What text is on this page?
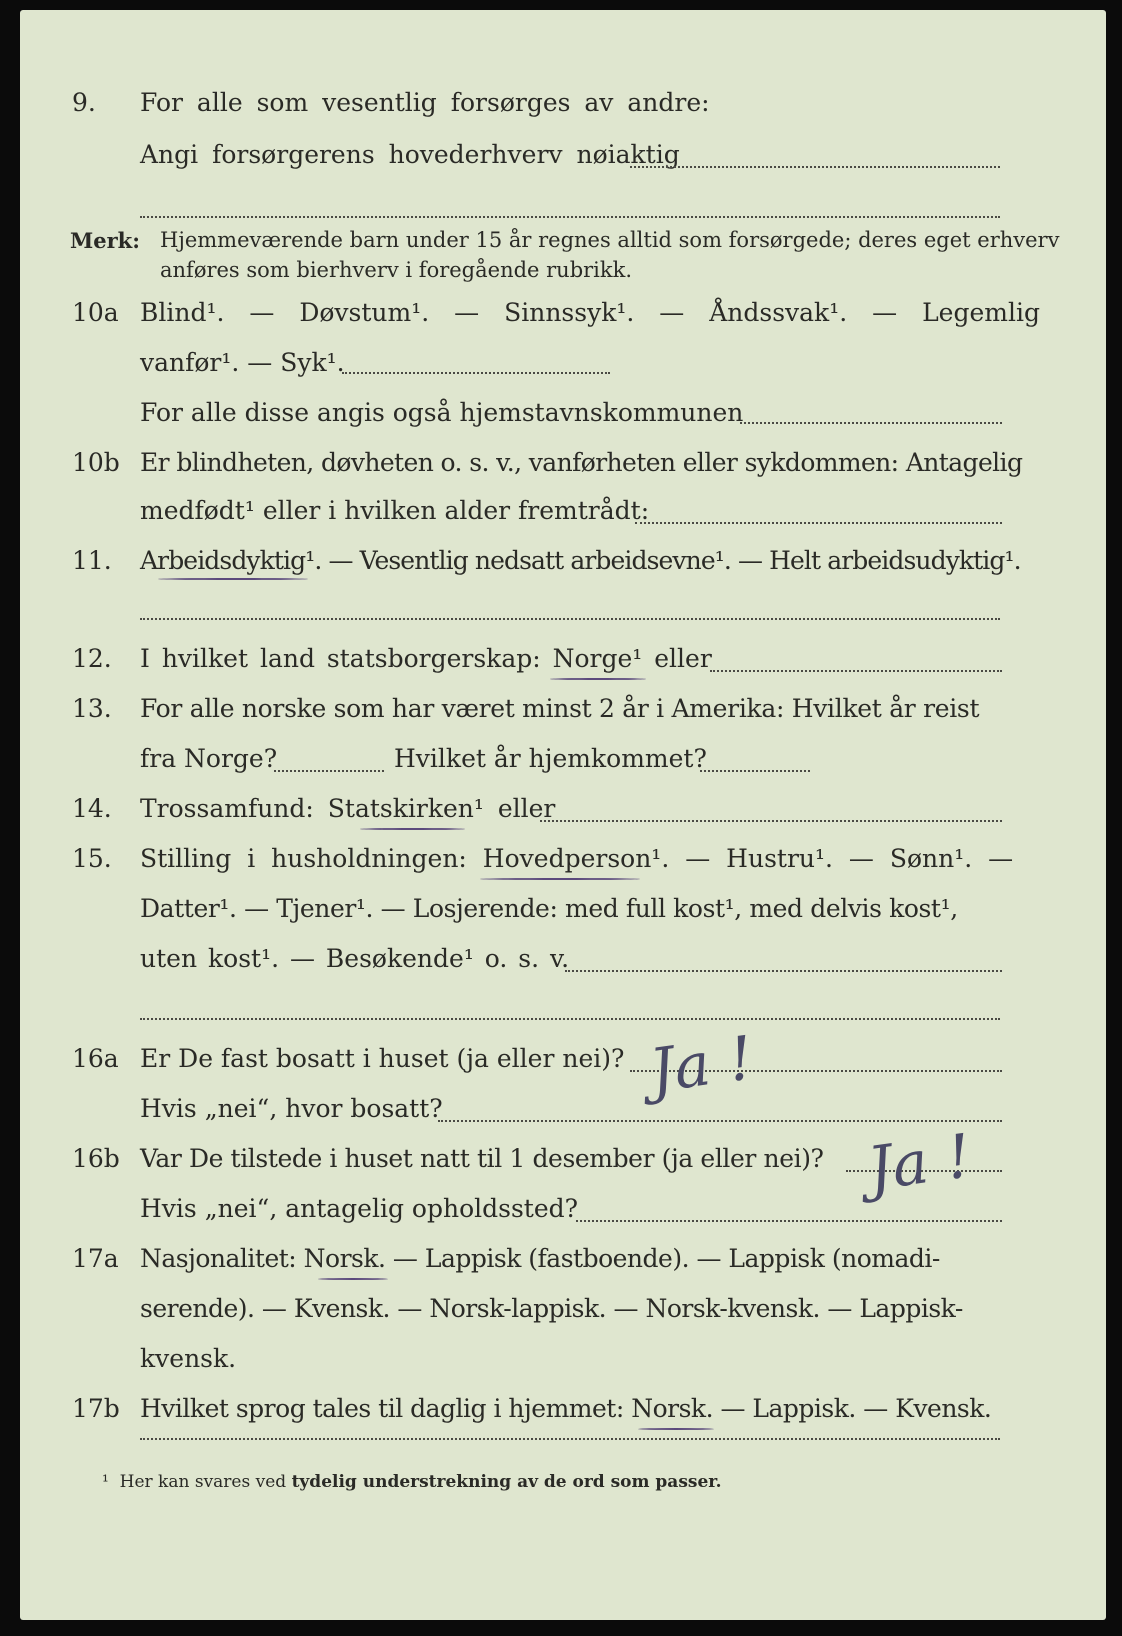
9. For alle som vesentlig forsørges av andre:
Angi forsørgerens hovederhverv nøiaktig
Merk: Hjemmeværende barn under 15 år regnes alltid som forsørgede; deres eget erhverv
anføres som bierhverv i foregående rubrikk.
10a Blind¹. — Døvstum¹. — Sinnssyk¹. — Åndssvak¹. — Legemlig
vanfør¹. — Syk¹.
For alle disse angis også hjemstavnskommunen
10b Er blindheten, døvheten o. s. v., vanførheten eller sykdommen: Antagelig
medfødt¹ eller i hvilken alder fremtrådt:
11. Arbeidsdyktig¹. — Vesentlig nedsatt arbeidsevne¹. — Helt arbeidsudyktig¹.
12. I hvilket land statsborgerskap: Norge¹ eller
13. For alle norske som har været minst 2 år i Amerika: Hvilket år reist
fra Norge?	Hvilket år hjemkommet?
14. Trossamfund: Statskirken¹ eller
15. Stilling i husholdningen: Hovedperson¹. — Hustru¹. — Sønn¹. —
Datter¹. — Tjener¹. — Losjerende: med full kost¹, med delvis kost¹,
uten kost¹. — Besøkende¹ o. s. v.
16a Er De fast bosatt i huset (ja eller nei)? Ja !
Hvis „nei“, hvor bosatt?
16b Var De tilstede i huset natt til 1 desember (ja eller nei)? Ja !
Hvis „nei“, antagelig opholdssted?
17a Nasjonalitet: Norsk. — Lappisk (fastboende). — Lappisk (nomadi-
serende). — Kvensk. — Norsk-lappisk. — Norsk-kvensk. — Lappisk-
kvensk.
17b Hvilket sprog tales til daglig i hjemmet: Norsk. — Lappisk. — Kvensk.
¹ Her kan svares ved tydelig understrekning av de ord som passer.
